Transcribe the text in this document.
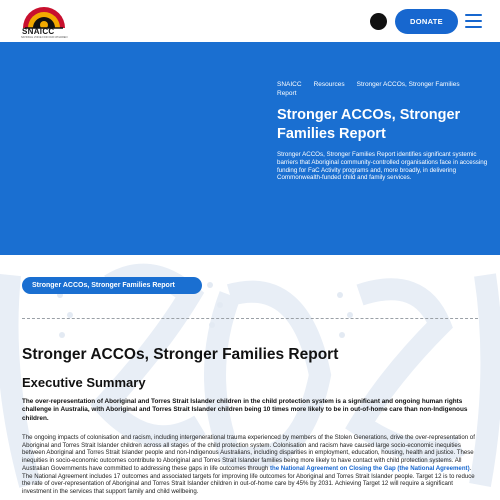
SNAICC
NATIONAL VOICE FOR OUR CHILDREN
DONATE
SNAICC Resources Stronger ACCOs, Stronger Families Report
Stronger ACCOs, Stronger Families Report
Stronger ACCOs, Stronger Families Report identifies significant systemic barriers that Aboriginal community-controlled organisations face in accessing funding for FaC Activity programs and, more broadly, in delivering Commonwealth-funded child and family services.
Stronger ACCOs, Stronger Families Report
Stronger ACCOs, Stronger Families Report
Executive Summary
The over-representation of Aboriginal and Torres Strait Islander children in the child protection system is a significant and ongoing human rights challenge in Australia, with Aboriginal and Torres Strait Islander children being 10 times more likely to be in out-of-home care than non-Indigenous children.
The ongoing impacts of colonisation and racism, including intergenerational trauma experienced by members of the Stolen Generations, drive the over-representation of Aboriginal and Torres Strait Islander children across all stages of the child protection system. Colonisation and racism have caused large socio-economic inequities between Aboriginal and Torres Strait Islander people and non-Indigenous Australians, including disparities in employment, education, housing, health and justice. These inequities in socio-economic outcomes contribute to Aboriginal and Torres Strait Islander families being more likely to have contact with child protection systems. All Australian Governments have committed to addressing these gaps in life outcomes through the National Agreement on Closing the Gap (the National Agreement). The National Agreement includes 17 outcomes and associated targets for improving life outcomes for Aboriginal and Torres Strait Islander people. Target 12 is to reduce the rate of over-representation of Aboriginal and Torres Strait Islander children in out-of-home care by 45% by 2031. Achieving Target 12 will require a significant investment in the services that support family and child wellbeing.
